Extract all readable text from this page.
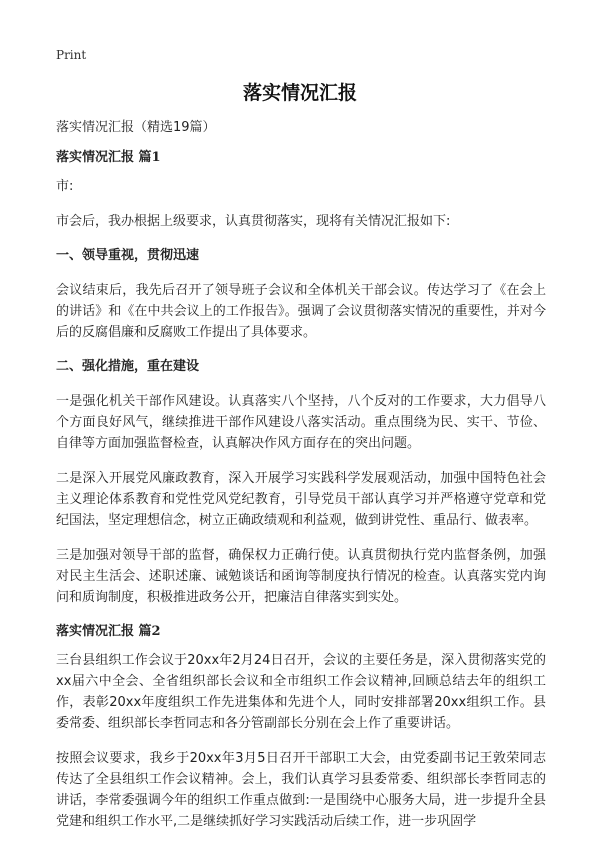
Print
落实情况汇报

落实情况汇报（精选19篇）

落实情况汇报 篇1

市:

市会后，我办根据上级要求，认真贯彻落实，现将有关情况汇报如下:

一、领导重视，贯彻迅速

会议结束后，我先后召开了领导班子会议和全体机关干部会议。传达学习了《在会上的讲话》和《在中共会议上的工作报告》。强调了会议贯彻落实情况的重要性，并对今后的反腐倡廉和反腐败工作提出了具体要求。

二、强化措施，重在建设

一是强化机关干部作风建设。认真落实八个坚持，八个反对的工作要求，大力倡导八个方面良好风气，继续推进干部作风建设八落实活动。重点围绕为民、实干、节俭、自律等方面加强监督检查，认真解决作风方面存在的突出问题。

二是深入开展党风廉政教育，深入开展学习实践科学发展观活动，加强中国特色社会主义理论体系教育和党性党风党纪教育，引导党员干部认真学习并严格遵守党章和党纪国法，坚定理想信念，树立正确政绩观和利益观，做到讲党性、重品行、做表率。

三是加强对领导干部的监督，确保权力正确行使。认真贯彻执行党内监督条例，加强对民主生活会、述职述廉、诫勉谈话和函询等制度执行情况的检查。认真落实党内询问和质询制度，积极推进政务公开，把廉洁自律落实到实处。

落实情况汇报 篇2

三台县组织工作会议于20xx年2月24日召开，会议的主要任务是，深入贯彻落实党的xx届六中全会、全省组织部长会议和全市组织工作会议精神,回顾总结去年的组织工作，表彰20xx年度组织工作先进集体和先进个人，同时安排部署20xx组织工作。县委常委、组织部长李哲同志和各分管副部长分别在会上作了重要讲话。

按照会议要求，我乡于20xx年3月5日召开干部职工大会，由党委副书记王敦荣同志传达了全县组织工作会议精神。会上，我们认真学习县委常委、组织部长李哲同志的讲话，李常委强调今年的组织工作重点做到:一是围绕中心服务大局，进一步提升全县党建和组织工作水平,二是继续抓好学习实践活动后续工作，进一步巩固学
